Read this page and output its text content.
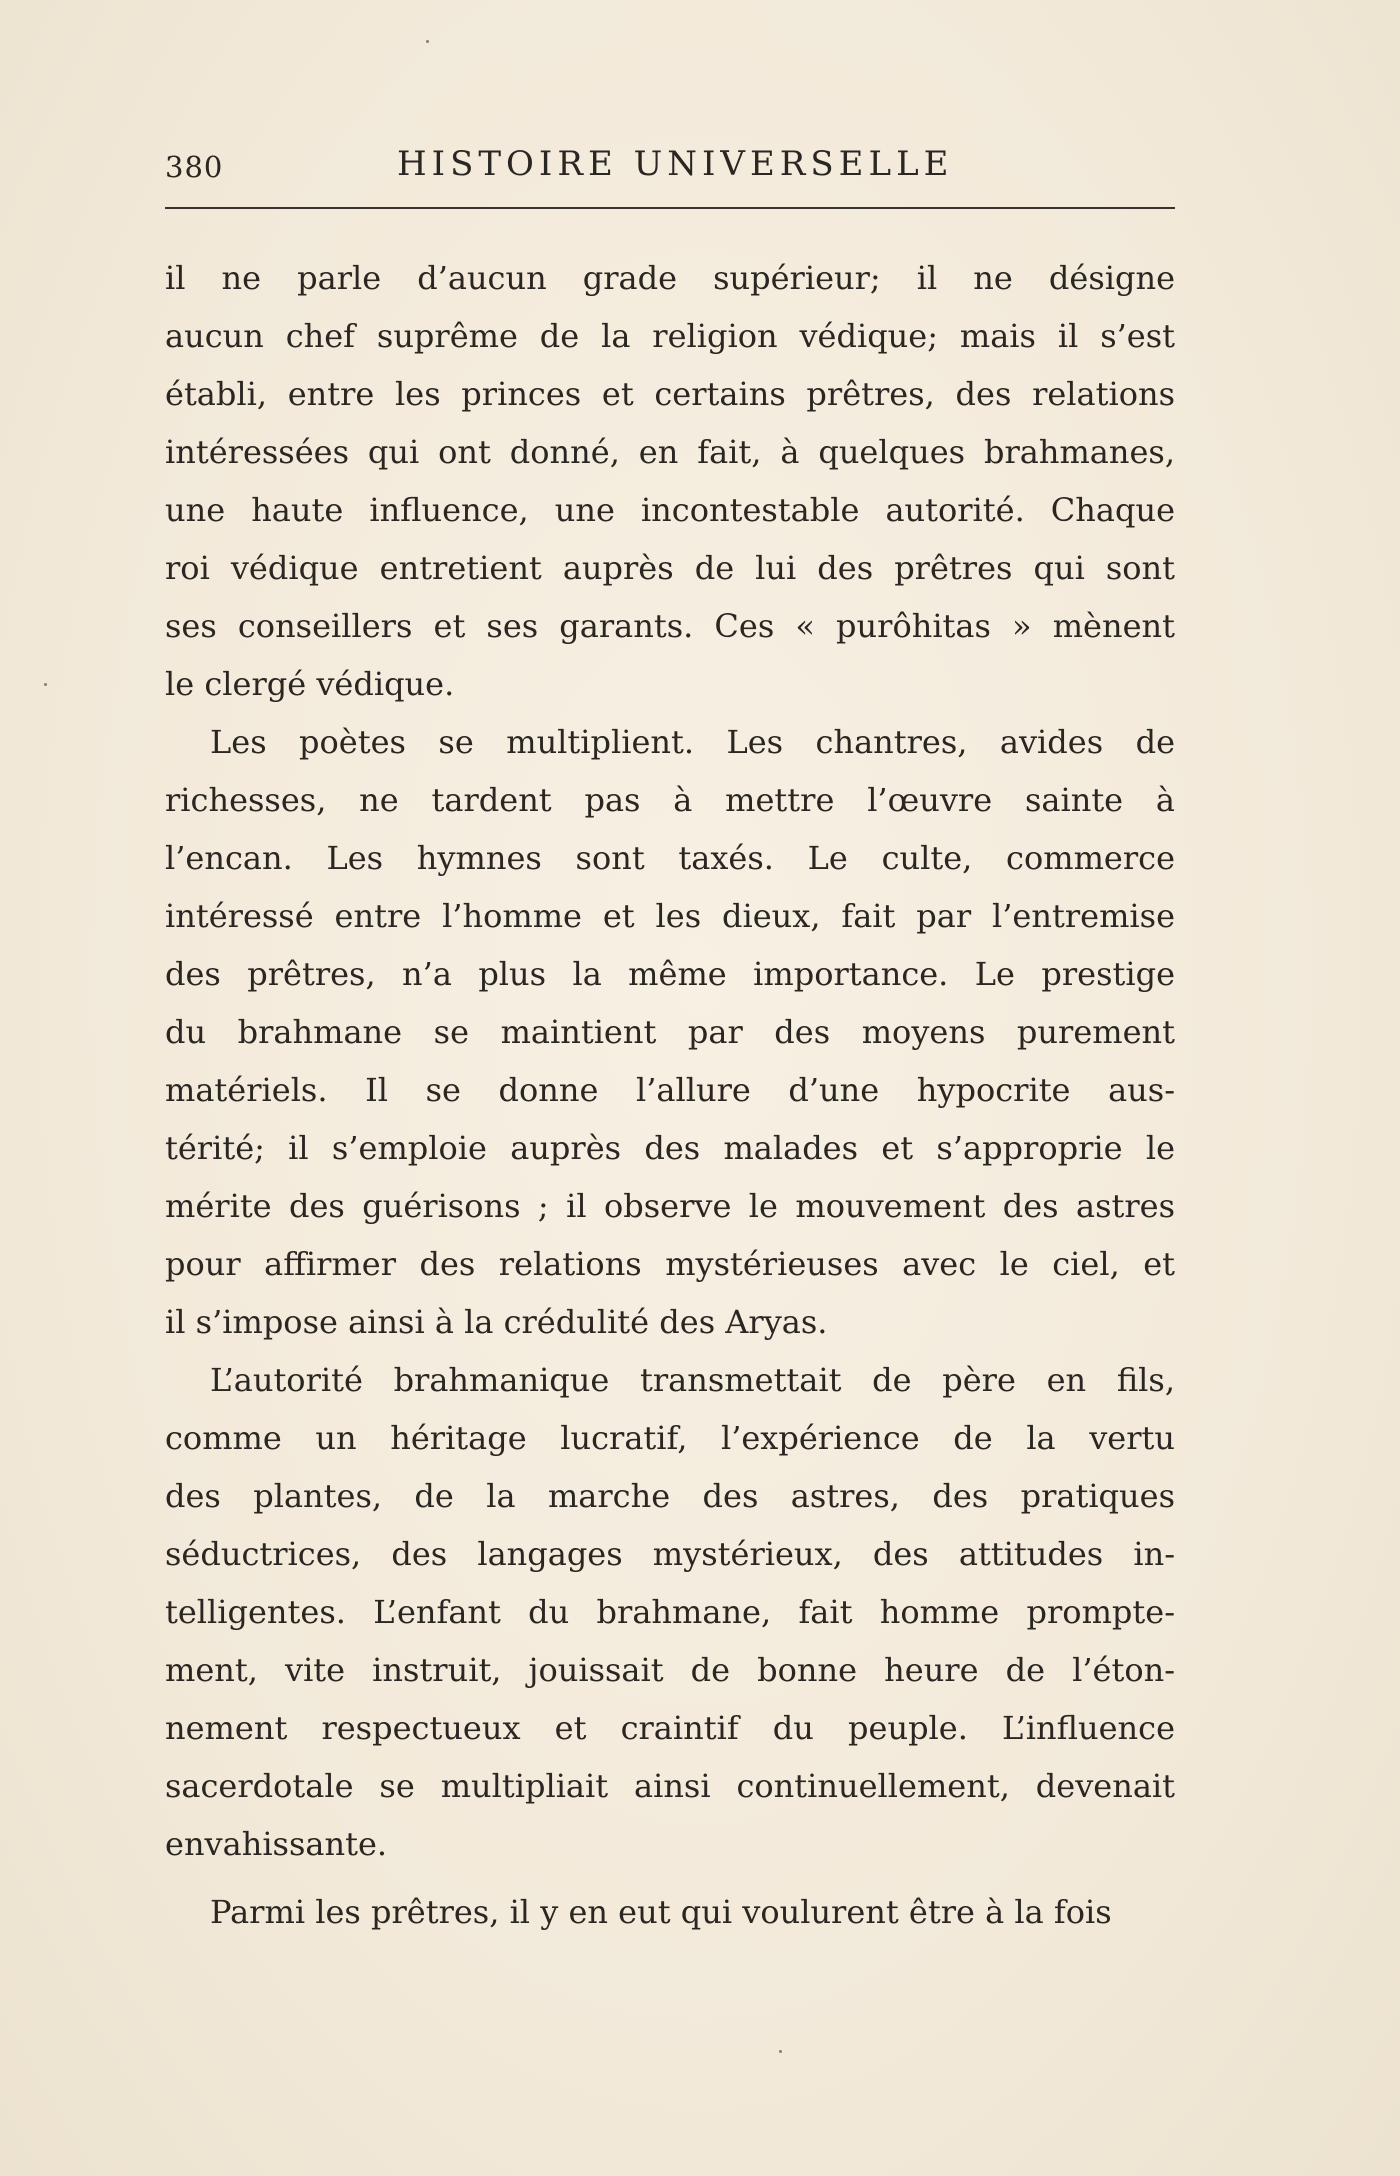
380	HISTOIRE UNIVERSELLE
il ne parle d’aucun grade supérieur; il ne désigne
aucun chef suprême de la religion védique; mais il s’est
établi, entre les princes et certains prêtres, des relations
intéressées qui ont donné, en fait, à quelques brahmanes,
une haute influence, une incontestable autorité. Chaque
roi védique entretient auprès de lui des prêtres qui sont
ses conseillers et ses garants. Ces « purôhitas » mènent
le clergé védique.
Les poètes se multiplient. Les chantres, avides de
richesses, ne tardent pas à mettre l’œuvre sainte à
l’encan. Les hymnes sont taxés. Le culte, commerce
intéressé entre l’homme et les dieux, fait par l’entremise
des prêtres, n’a plus la même importance. Le prestige
du brahmane se maintient par des moyens purement
matériels. Il se donne l’allure d’une hypocrite aus-
térité; il s’emploie auprès des malades et s’approprie le
mérite des guérisons ; il observe le mouvement des astres
pour affirmer des relations mystérieuses avec le ciel, et
il s’impose ainsi à la crédulité des Aryas.
L’autorité brahmanique transmettait de père en fils,
comme un héritage lucratif, l’expérience de la vertu
des plantes, de la marche des astres, des pratiques
séductrices, des langages mystérieux, des attitudes in-
telligentes. L’enfant du brahmane, fait homme prompte-
ment, vite instruit, jouissait de bonne heure de l’éton-
nement respectueux et craintif du peuple. L’influence
sacerdotale se multipliait ainsi continuellement, devenait
envahissante.
Parmi les prêtres, il y en eut qui voulurent être à la fois
